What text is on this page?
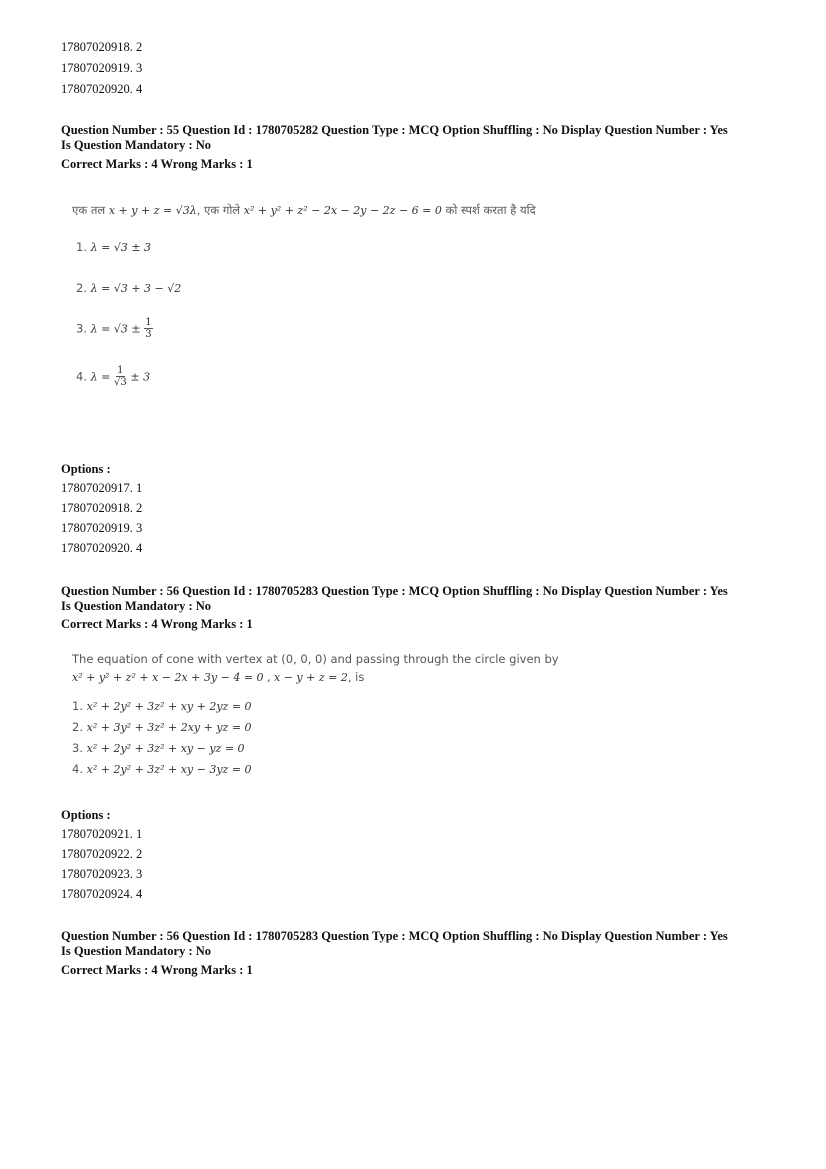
17807020918. 2
17807020919. 3
17807020920. 4
Question Number : 55 Question Id : 1780705282 Question Type : MCQ Option Shuffling : No Display Question Number : Yes
Is Question Mandatory : No
Correct Marks : 4 Wrong Marks : 1
एक तल x + y + z = √3λ, एक गोले x² + y² + z² − 2x − 2y − 2z − 6 = 0 को स्पर्श करता है यदि
1. λ = √3 ± 3
2. λ = √3 + 3 − √2
3. $\lambda = √3 \pm \frac{1}{3}$
4. $\lambda = \frac{1}{√3} \pm 3$
Options :
17807020917. 1
17807020918. 2
17807020919. 3
17807020920. 4
Question Number : 56 Question Id : 1780705283 Question Type : MCQ Option Shuffling : No Display Question Number : Yes
Is Question Mandatory : No
Correct Marks : 4 Wrong Marks : 1
The equation of cone with vertex at (0, 0, 0) and passing through the circle given by
x² + y² + z² + x − 2x + 3y − 4 = 0 , x − y + z = 2, is
1. x² + 2y² + 3z² + xy + 2yz = 0
2. x² + 3y² + 3z² + 2xy + yz = 0
3. x² + 2y² + 3z² + xy − yz = 0
4. x² + 2y² + 3z² + xy − 3yz = 0
Options :
17807020921. 1
17807020922. 2
17807020923. 3
17807020924. 4
Question Number : 56 Question Id : 1780705283 Question Type : MCQ Option Shuffling : No Display Question Number : Yes
Is Question Mandatory : No
Correct Marks : 4 Wrong Marks : 1
